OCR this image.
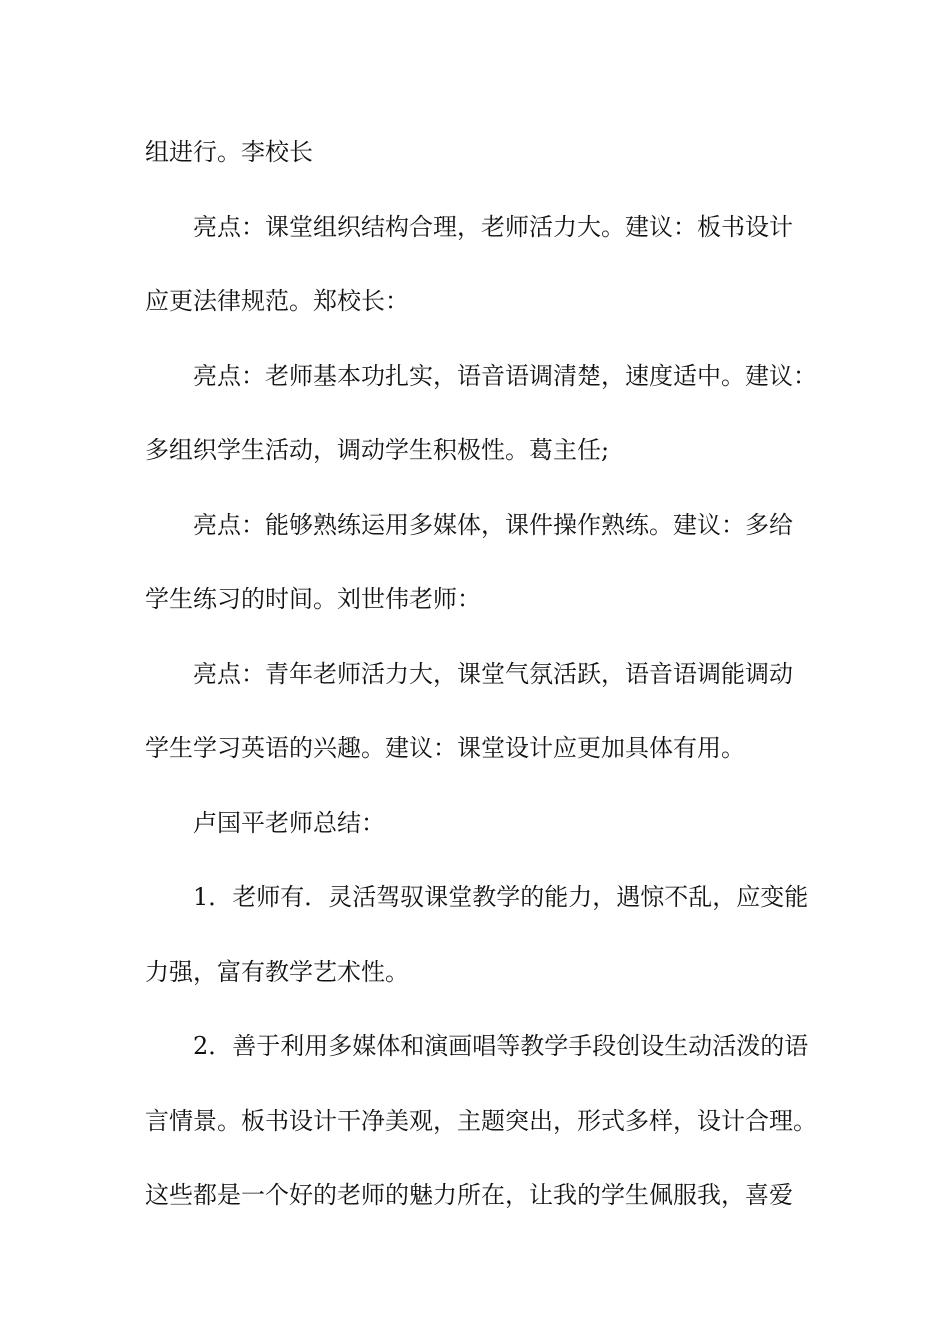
组进行。李校长
亮点：课堂组织结构合理，老师活力大。建议：板书设计
应更法律规范。郑校长：
亮点：老师基本功扎实，语音语调清楚，速度适中。建议：
多组织学生活动，调动学生积极性。葛主任;
亮点：能够熟练运用多媒体，课件操作熟练。建议：多给
学生练习的时间。刘世伟老师：
亮点：青年老师活力大，课堂气氛活跃，语音语调能调动
学生学习英语的兴趣。建议：课堂设计应更加具体有用。
卢国平老师总结：
1．老师有．灵活驾驭课堂教学的能力，遇惊不乱，应变能
力强，富有教学艺术性。
2．善于利用多媒体和演画唱等教学手段创设生动活泼的语
言情景。板书设计干净美观，主题突出，形式多样，设计合理。
这些都是一个好的老师的魅力所在，让我的学生佩服我，喜爱
